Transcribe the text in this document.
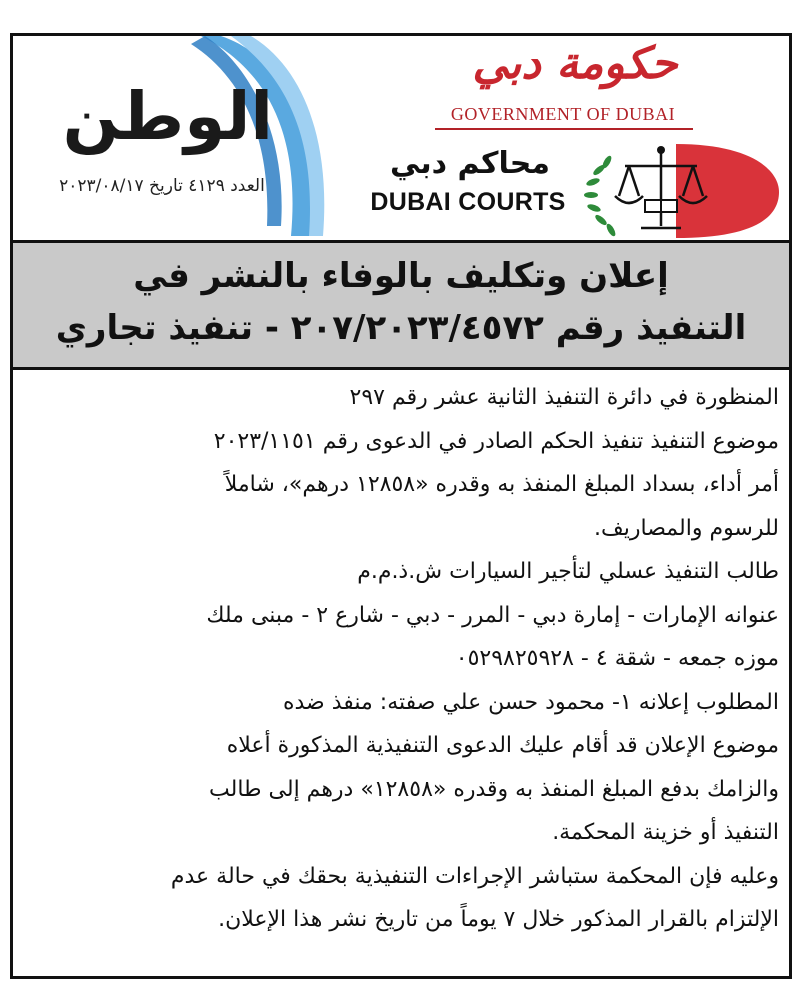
الوطن
العدد ٤١٢٩ تاريخ ٢٠٢٣/٠٨/١٧
حكومة دبي
GOVERNMENT OF DUBAI
محاكم دبي
DUBAI COURTS
إعلان وتكليف بالوفاء بالنشر في
التنفيذ رقم ٢٠٧/٢٠٢٣/٤٥٧٢ - تنفيذ تجاري
المنظورة في دائرة التنفيذ الثانية عشر رقم ٢٩٧
موضوع التنفيذ تنفيذ الحكم الصادر في الدعوى رقم ٢٠٢٣/١١٥١
أمر أداء، بسداد المبلغ المنفذ به وقدره «١٢٨٥٨ درهم»، شاملاً
للرسوم والمصاريف.
طالب التنفيذ عسلي لتأجير السيارات ش.ذ.م.م
عنوانه الإمارات - إمارة دبي - المرر - دبي - شارع ٢ - مبنى ملك
موزه جمعه - شقة ٤ - ٠٥٢٩٨٢٥٩٢٨
المطلوب إعلانه ١- محمود حسن علي صفته: منفذ ضده
موضوع الإعلان قد أقام عليك الدعوى التنفيذية المذكورة أعلاه
والزامك بدفع المبلغ المنفذ به وقدره «١٢٨٥٨» درهم إلى طالب
التنفيذ أو خزينة المحكمة.
وعليه فإن المحكمة ستباشر الإجراءات التنفيذية بحقك في حالة عدم
الإلتزام بالقرار المذكور خلال ٧ يوماً من تاريخ نشر هذا الإعلان.
